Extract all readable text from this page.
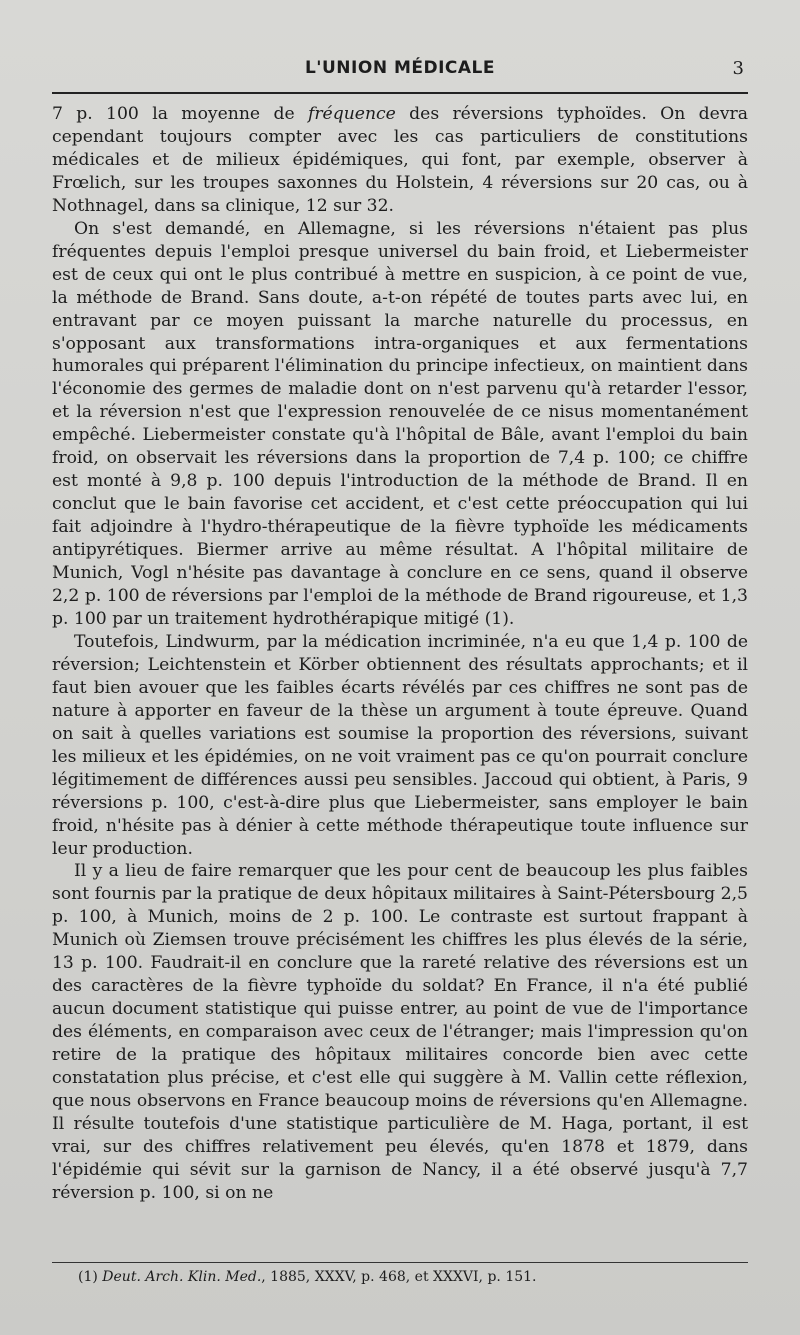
L'UNION MÉDICALE	3

7 p. 100 la moyenne de fréquence des réversions typhoïdes. On devra cependant toujours compter avec les cas particuliers de constitutions médicales et de milieux épidémiques, qui font, par exemple, observer à Frœlich, sur les troupes saxonnes du Holstein, 4 réversions sur 20 cas, ou à Nothnagel, dans sa clinique, 12 sur 32.

On s'est demandé, en Allemagne, si les réversions n'étaient pas plus fréquentes depuis l'emploi presque universel du bain froid, et Liebermeister est de ceux qui ont le plus contribué à mettre en suspicion, à ce point de vue, la méthode de Brand. Sans doute, a-t-on répété de toutes parts avec lui, en entravant par ce moyen puissant la marche naturelle du processus, en s'opposant aux transformations intra-organiques et aux fermentations humorales qui préparent l'élimination du principe infectieux, on maintient dans l'économie des germes de maladie dont on n'est parvenu qu'à retarder l'essor, et la réversion n'est que l'expression renouvelée de ce nisus momentanément empêché. Liebermeister constate qu'à l'hôpital de Bâle, avant l'emploi du bain froid, on observait les réversions dans la proportion de 7,4 p. 100; ce chiffre est monté à 9,8 p. 100 depuis l'introduction de la méthode de Brand. Il en conclut que le bain favorise cet accident, et c'est cette préoccupation qui lui fait adjoindre à l'hydro-thérapeutique de la fièvre typhoïde les médicaments antipyrétiques. Biermer arrive au même résultat. A l'hôpital militaire de Munich, Vogl n'hésite pas davantage à conclure en ce sens, quand il observe 2,2 p. 100 de réversions par l'emploi de la méthode de Brand rigoureuse, et 1,3 p. 100 par un traitement hydrothérapique mitigé (1).

Toutefois, Lindwurm, par la médication incriminée, n'a eu que 1,4 p. 100 de réversion; Leichtenstein et Körber obtiennent des résultats approchants; et il faut bien avouer que les faibles écarts révélés par ces chiffres ne sont pas de nature à apporter en faveur de la thèse un argument à toute épreuve. Quand on sait à quelles variations est soumise la proportion des réversions, suivant les milieux et les épidémies, on ne voit vraiment pas ce qu'on pourrait conclure légitimement de différences aussi peu sensibles. Jaccoud qui obtient, à Paris, 9 réversions p. 100, c'est-à-dire plus que Liebermeister, sans employer le bain froid, n'hésite pas à dénier à cette méthode thérapeutique toute influence sur leur production.

Il y a lieu de faire remarquer que les pour cent de beaucoup les plus faibles sont fournis par la pratique de deux hôpitaux militaires à Saint-Pétersbourg 2,5 p. 100, à Munich, moins de 2 p. 100. Le contraste est surtout frappant à Munich où Ziemsen trouve précisément les chiffres les plus élevés de la série, 13 p. 100. Faudrait-il en conclure que la rareté relative des réversions est un des caractères de la fièvre typhoïde du soldat? En France, il n'a été publié aucun document statistique qui puisse entrer, au point de vue de l'importance des éléments, en comparaison avec ceux de l'étranger; mais l'impression qu'on retire de la pratique des hôpitaux militaires concorde bien avec cette constatation plus précise, et c'est elle qui suggère à M. Vallin cette réflexion, que nous observons en France beaucoup moins de réversions qu'en Allemagne. Il résulte toutefois d'une statistique particulière de M. Haga, portant, il est vrai, sur des chiffres relativement peu élevés, qu'en 1878 et 1879, dans l'épidémie qui sévit sur la garnison de Nancy, il a été observé jusqu'à 7,7 réversion p. 100, si on ne

(1) Deut. Arch. Klin. Med., 1885, XXXV, p. 468, et XXXVI, p. 151.
